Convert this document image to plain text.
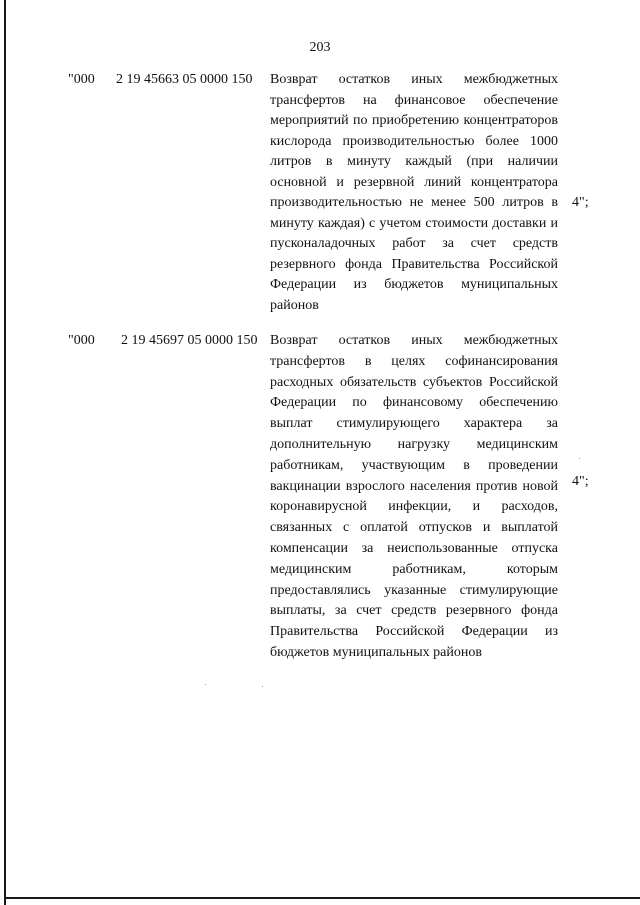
203
"000 2 19 45663 05 0000 150 Возврат остатков иных межбюджетных трансфертов на финансовое обеспечение мероприятий по приобретению концентраторов кислорода производительностью более 1000 литров в минуту каждый (при наличии основной и резервной линий концентратора производительностью не менее 500 литров в минуту каждая) с учетом стоимости доставки и пусконаладочных работ за счет средств резервного фонда Правительства Российской Федерации из бюджетов муниципальных районов
4";
"000 2 19 45697 05 0000 150 Возврат остатков иных межбюджетных трансфертов в целях софинансирования расходных обязательств субъектов Российской Федерации по финансовому обеспечению выплат стимулирующего характера за дополнительную нагрузку медицинским работникам, участвующим в проведении вакцинации взрослого населения против новой коронавирусной инфекции, и расходов, связанных с оплатой отпусков и выплатой компенсации за неиспользованные отпуска медицинским работникам, которым предоставлялись указанные стимулирующие выплаты, за счет средств резервного фонда Правительства Российской Федерации из бюджетов муниципальных районов
4";
